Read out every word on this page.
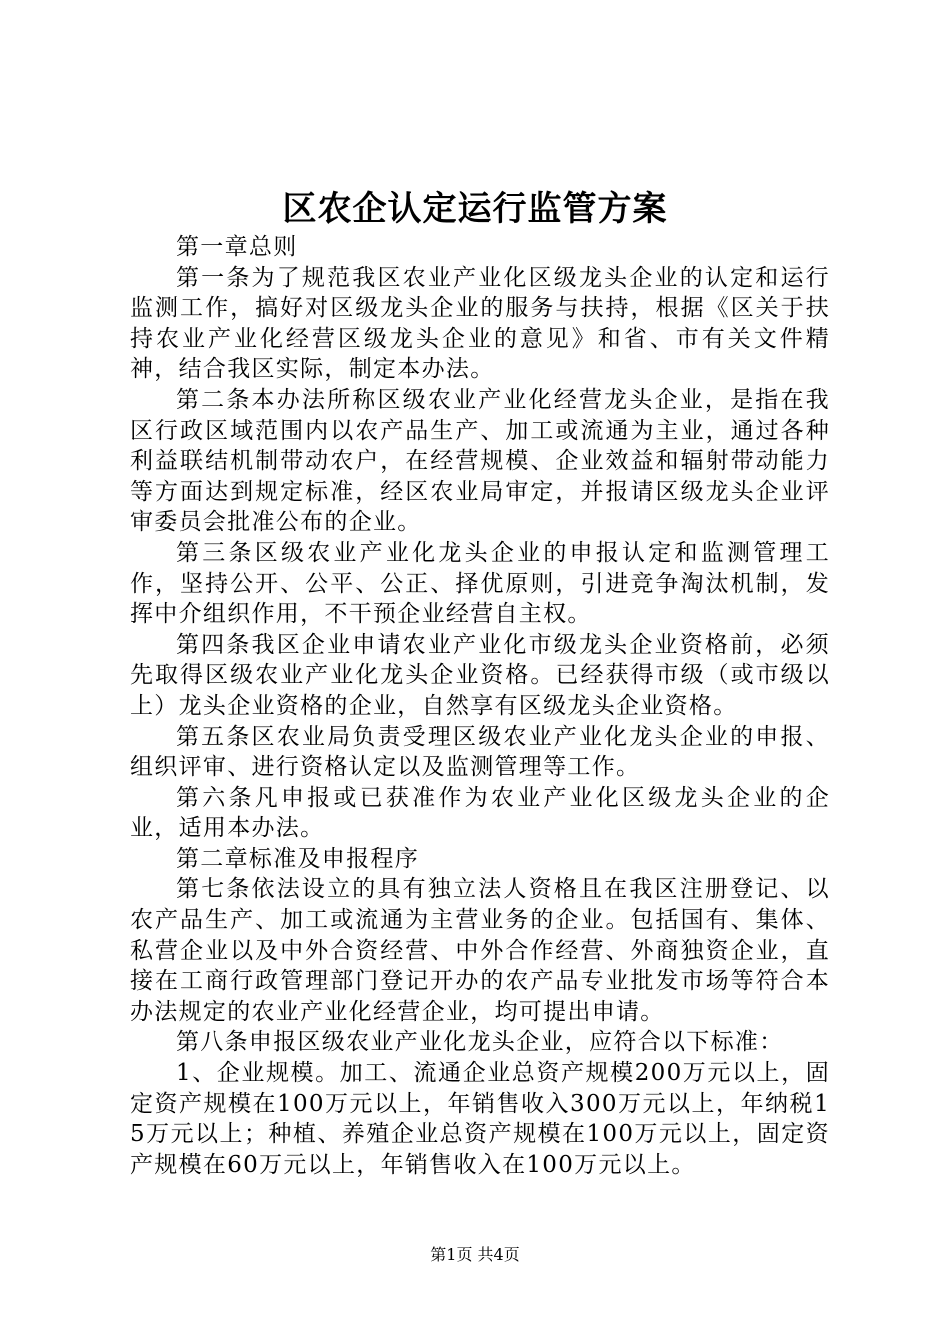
区农企认定运行监管方案

第一章总则

第一条为了规范我区农业产业化区级龙头企业的认定和运行监测工作，搞好对区级龙头企业的服务与扶持，根据《区关于扶持农业产业化经营区级龙头企业的意见》和省、市有关文件精神，结合我区实际，制定本办法。

第二条本办法所称区级农业产业化经营龙头企业，是指在我区行政区域范围内以农产品生产、加工或流通为主业，通过各种利益联结机制带动农户，在经营规模、企业效益和辐射带动能力等方面达到规定标准，经区农业局审定，并报请区级龙头企业评审委员会批准公布的企业。

第三条区级农业产业化龙头企业的申报认定和监测管理工作，坚持公开、公平、公正、择优原则，引进竞争淘汰机制，发挥中介组织作用，不干预企业经营自主权。

第四条我区企业申请农业产业化市级龙头企业资格前，必须先取得区级农业产业化龙头企业资格。已经获得市级（或市级以上）龙头企业资格的企业，自然享有区级龙头企业资格。

第五条区农业局负责受理区级农业产业化龙头企业的申报、组织评审、进行资格认定以及监测管理等工作。

第六条凡申报或已获准作为农业产业化区级龙头企业的企业，适用本办法。

第二章标准及申报程序

第七条依法设立的具有独立法人资格且在我区注册登记、以农产品生产、加工或流通为主营业务的企业。包括国有、集体、私营企业以及中外合资经营、中外合作经营、外商独资企业，直接在工商行政管理部门登记开办的农产品专业批发市场等符合本办法规定的农业产业化经营企业，均可提出申请。

第八条申报区级农业产业化龙头企业，应符合以下标准：

1、企业规模。加工、流通企业总资产规模200万元以上，固定资产规模在100万元以上，年销售收入300万元以上，年纳税15万元以上；种植、养殖企业总资产规模在100万元以上，固定资产规模在60万元以上，年销售收入在100万元以上。

第1页 共4页
